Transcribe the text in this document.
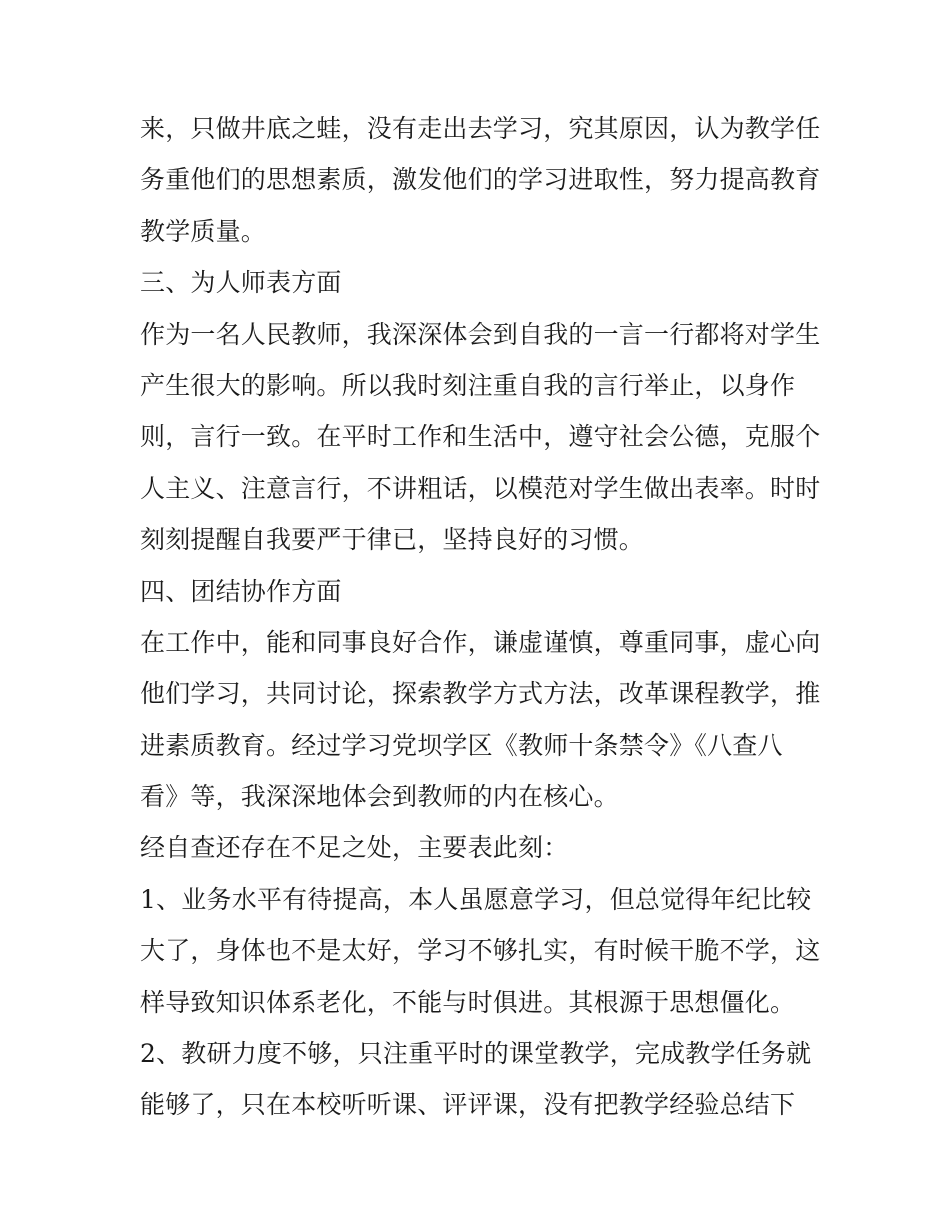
来，只做井底之蛙，没有走出去学习，究其原因，认为教学任
务重他们的思想素质，激发他们的学习进取性，努力提高教育
教学质量。
三、为人师表方面
作为一名人民教师，我深深体会到自我的一言一行都将对学生
产生很大的影响。所以我时刻注重自我的言行举止，以身作
则，言行一致。在平时工作和生活中，遵守社会公德，克服个
人主义、注意言行，不讲粗话，以模范对学生做出表率。时时
刻刻提醒自我要严于律已，坚持良好的习惯。
四、团结协作方面
在工作中，能和同事良好合作，谦虚谨慎，尊重同事，虚心向
他们学习，共同讨论，探索教学方式方法，改革课程教学，推
进素质教育。经过学习党坝学区《教师十条禁令》《八查八
看》等，我深深地体会到教师的内在核心。
经自查还存在不足之处，主要表此刻：
1、业务水平有待提高，本人虽愿意学习，但总觉得年纪比较
大了，身体也不是太好，学习不够扎实，有时候干脆不学，这
样导致知识体系老化，不能与时俱进。其根源于思想僵化。
2、教研力度不够，只注重平时的课堂教学，完成教学任务就
能够了，只在本校听听课、评评课，没有把教学经验总结下
